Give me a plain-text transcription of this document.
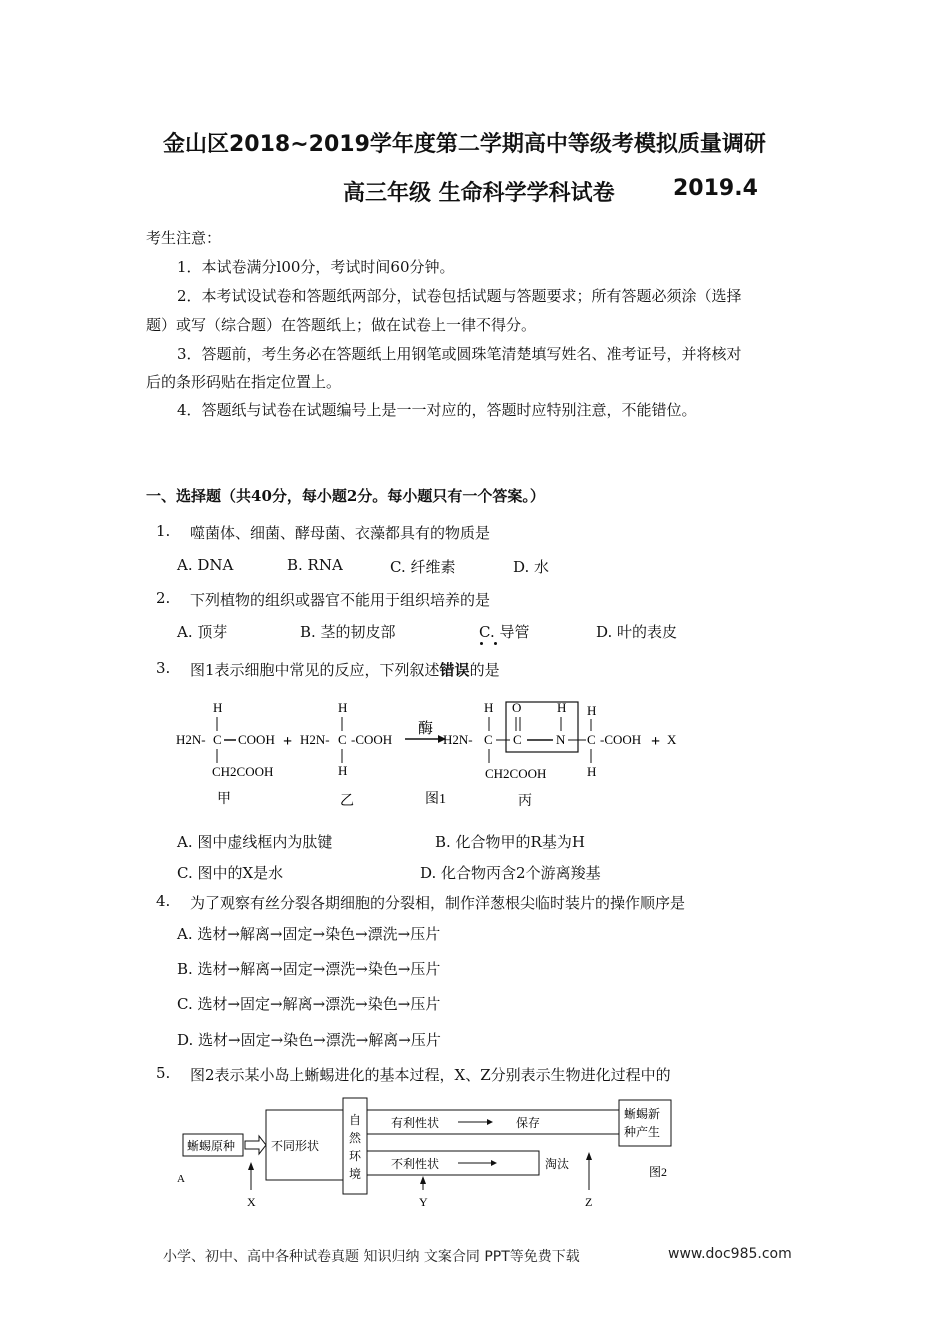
金山区2018~2019学年度第二学期高中等级考模拟质量调研
高三年级 生命科学学科试卷	2019.4
考生注意：
1．本试卷满分l00分，考试时间60分钟。
2．本考试设试卷和答题纸两部分，试卷包括试题与答题要求；所有答题必须涂（选择
题）或写（综合题）在答题纸上；做在试卷上一律不得分。
3．答题前，考生务必在答题纸上用钢笔或圆珠笔清楚填写姓名、准考证号，并将核对
后的条形码贴在指定位置上。
4．答题纸与试卷在试题编号上是一一对应的，答题时应特别注意，不能错位。
一、选择题（共40分，每小题2分。每小题只有一个答案。）
1. 噬菌体、细菌、酵母菌、衣藻都具有的物质是
A. DNA	B. RNA	C. 纤维素	D. 水
2. 下列植物的组织或器官不能用于组织培养的是
A. 顶芽	B. 茎的韧皮部	C. 导管	D. 叶的表皮
3. 图1表示细胞中常见的反应，下列叙述错误的是
H
H2N- C COOH
CH2COOH
+
H
H2N- C -COOH
H
酶
H2N-
H
C
CH2COOH
O
C
H
N
H
C -COOH
H
+ X
甲	乙	图1	丙
A. 图中虚线框内为肽键	B. 化合物甲的R基为H
C. 图中的X是水	D. 化合物丙含2个游离羧基
4. 为了观察有丝分裂各期细胞的分裂相，制作洋葱根尖临时装片的操作顺序是
A. 选材→解离→固定→染色→漂洗→压片
B. 选材→解离→固定→漂洗→染色→压片
C. 选材→固定→解离→漂洗→染色→压片
D. 选材→固定→染色→漂洗→解离→压片
5. 图2表示某小岛上蜥蜴进化的基本过程，X、Z分别表示生物进化过程中的
蜥蜴原种
A
不同形状
有利性状	保存
不利性状	淘汰
自
然
环
境
蜥蜴新
种产生
图2
X	Y	Z
小学、初中、高中各种试卷真题 知识归纳 文案合同 PPT等免费下载	www.doc985.com
